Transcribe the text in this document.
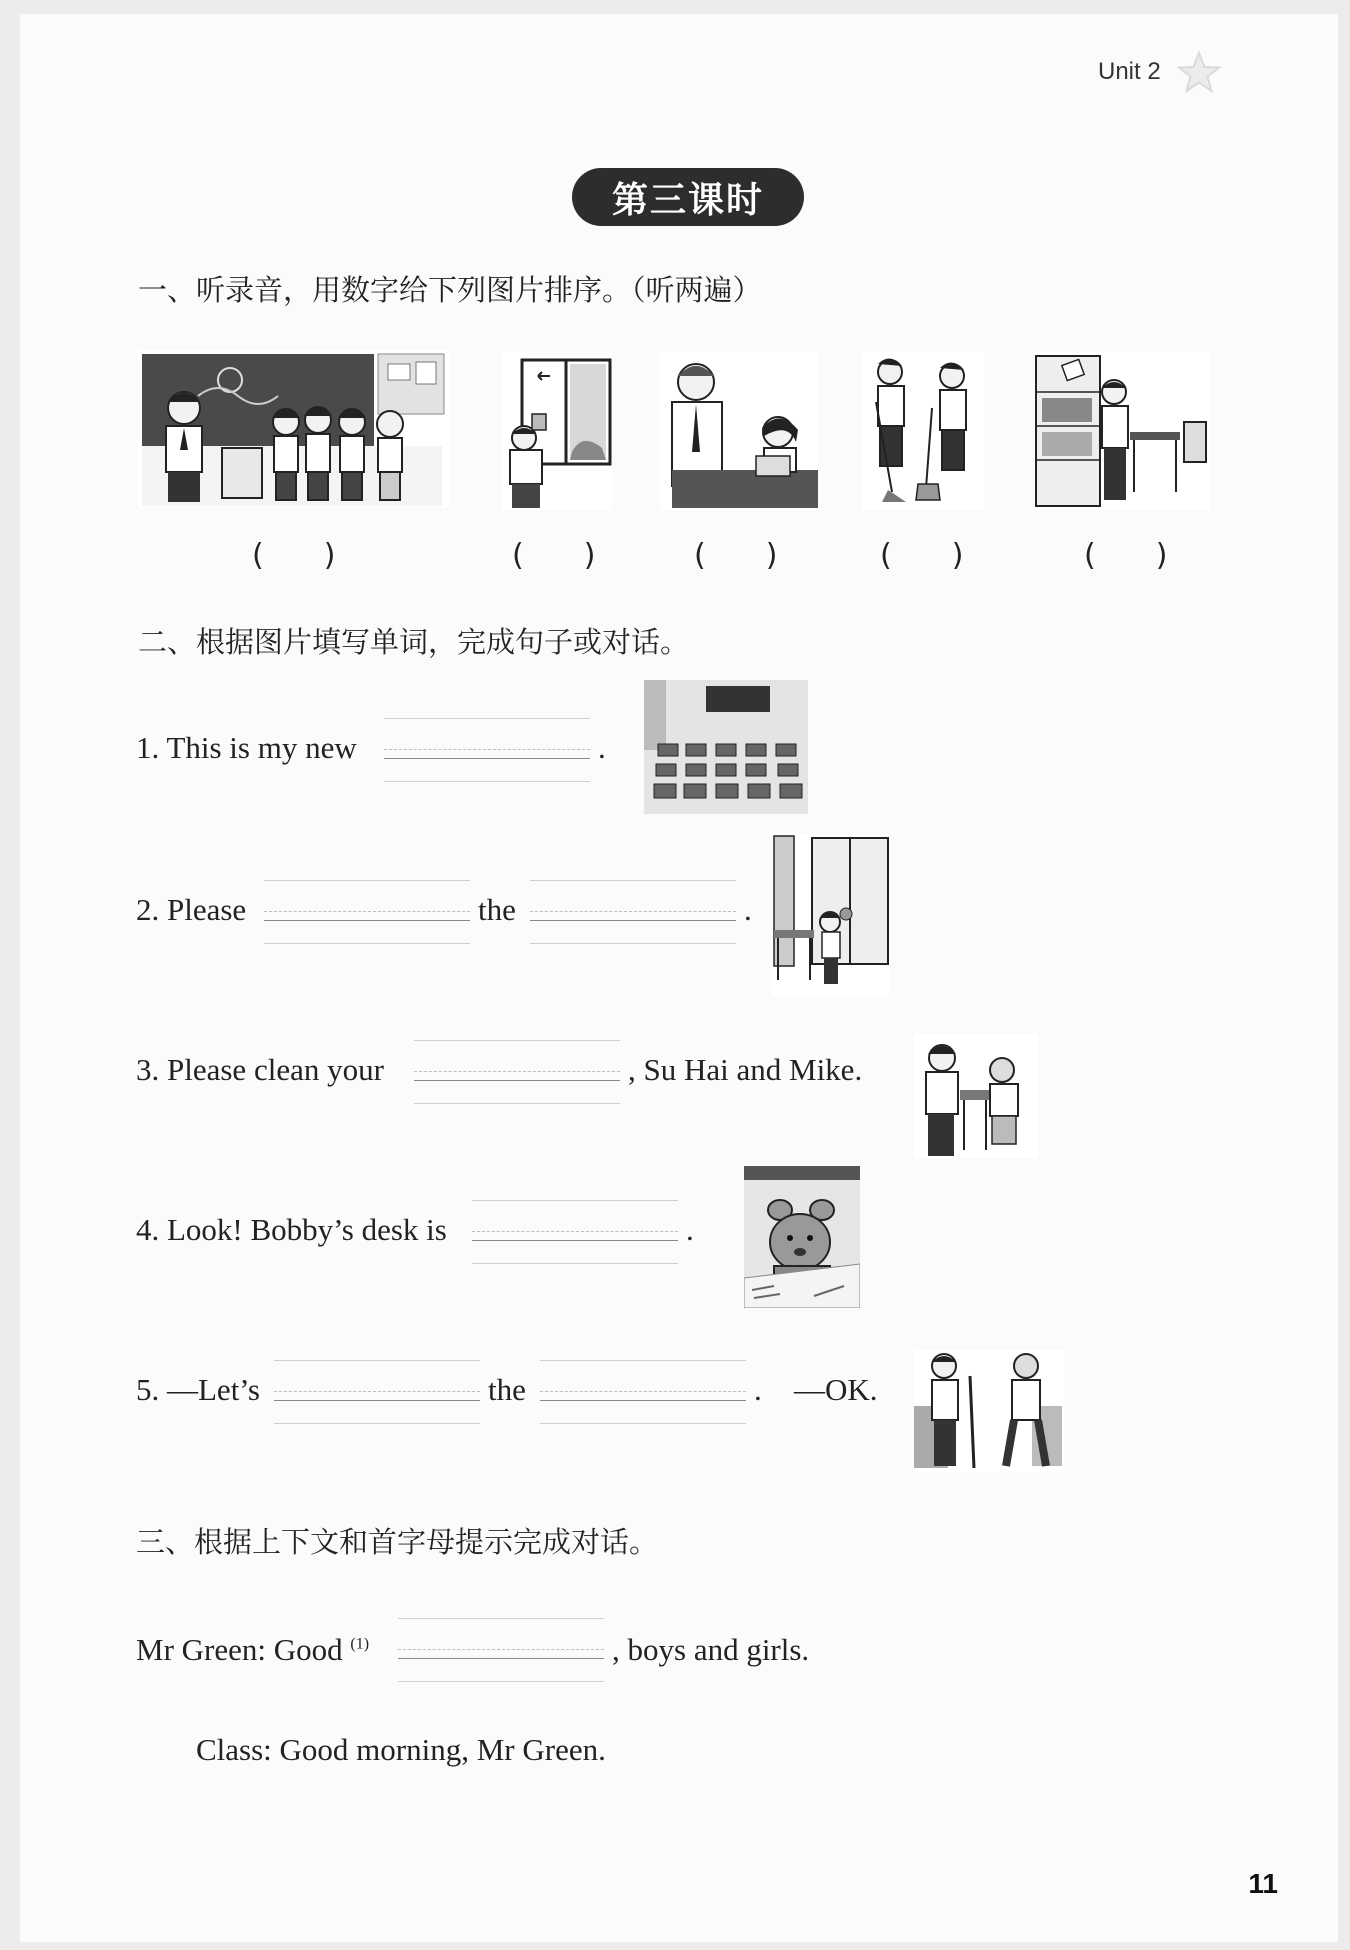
Unit 2
第三课时
一、听录音，用数字给下列图片排序。（听两遍）
(　　)	(　　)	(　　)	(　　)	(　　)
二、根据图片填写单词，完成句子或对话。
1. This is my new	.
2. Please	the	.
3. Please clean your	, Su Hai and Mike.
4. Look! Bobby’s desk is	.
5. —Let’s	the	. —OK.
三、根据上下文和首字母提示完成对话。
Mr Green: Good $^{(1)}$	, boys and girls.
Class: Good morning, Mr Green.
11
